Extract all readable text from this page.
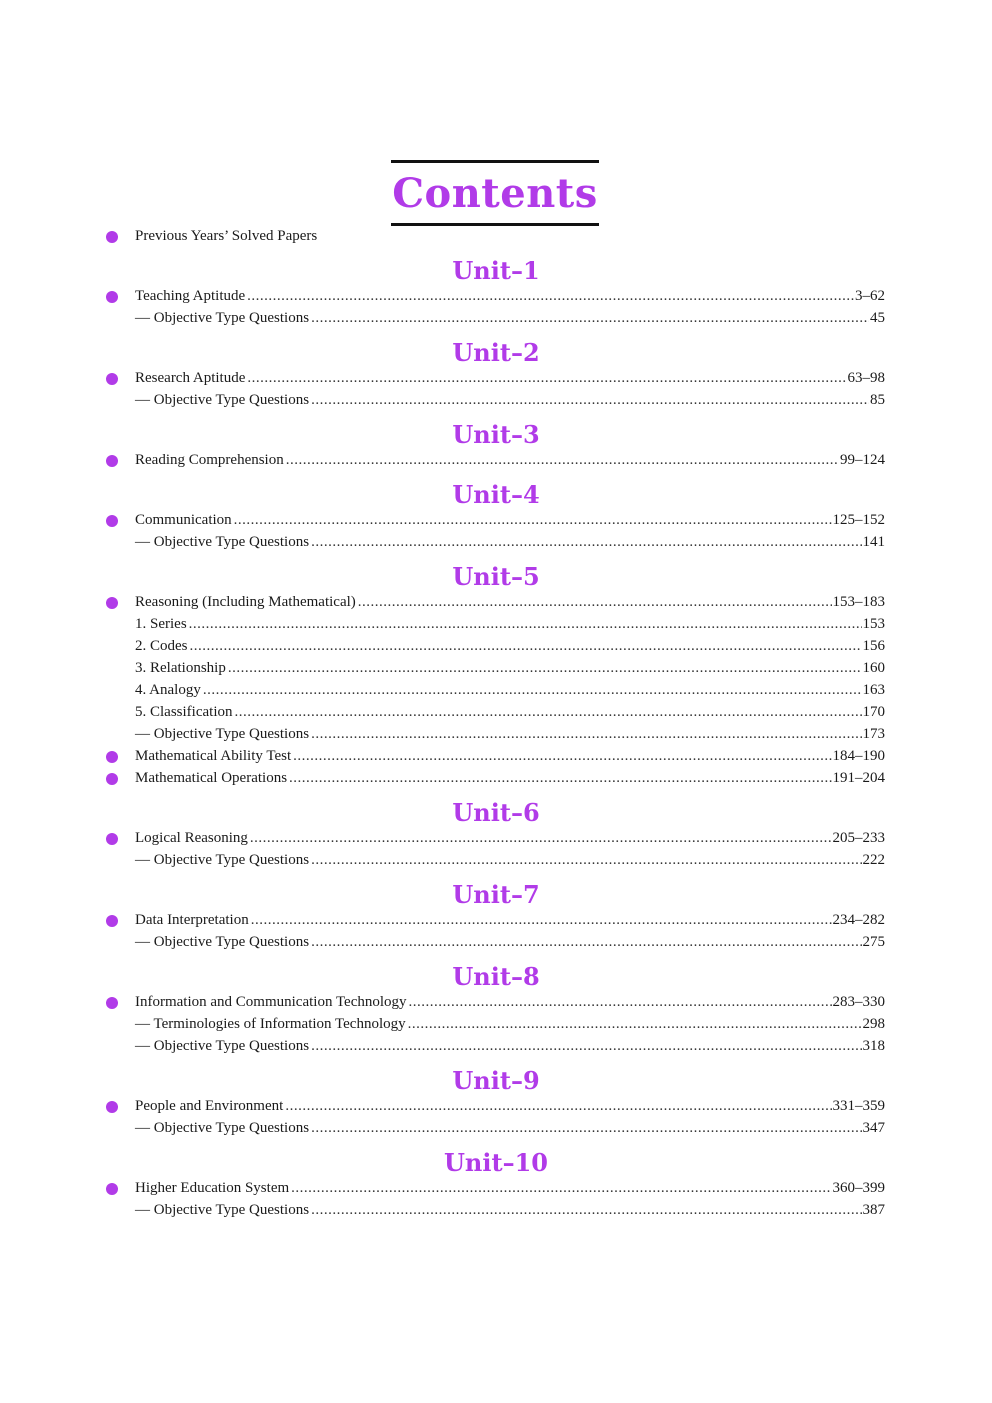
Contents
Previous Years’ Solved Papers
Unit–1
Teaching Aptitude .....	3–62
— Objective Type Questions .....	45
Unit–2
Research Aptitude .....	63–98
— Objective Type Questions .....	85
Unit–3
Reading Comprehension .....	99–124
Unit–4
Communication .....	125–152
— Objective Type Questions .....	141
Unit–5
Reasoning (Including Mathematical) .....	153–183
1. Series .....	153
2. Codes .....	156
3. Relationship .....	160
4. Analogy .....	163
5. Classification .....	170
— Objective Type Questions .....	173
Mathematical Ability Test .....	184–190
Mathematical Operations .....	191–204
Unit–6
Logical Reasoning .....	205–233
— Objective Type Questions .....	222
Unit–7
Data Interpretation .....	234–282
— Objective Type Questions .....	275
Unit–8
Information and Communication Technology .....	283–330
— Terminologies of Information Technology .....	298
— Objective Type Questions .....	318
Unit–9
People and Environment .....	331–359
— Objective Type Questions .....	347
Unit–10
Higher Education System .....	360–399
— Objective Type Questions .....	387
